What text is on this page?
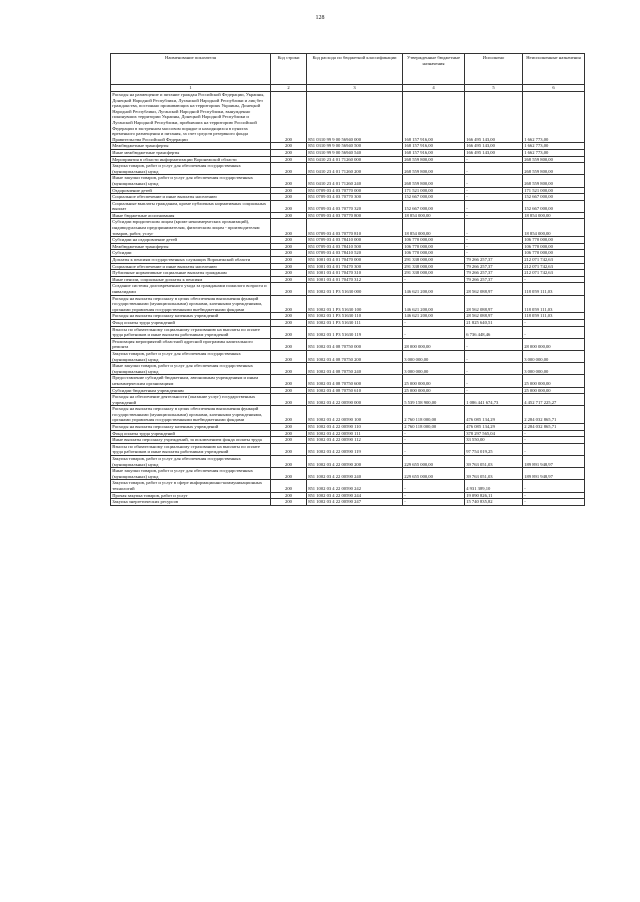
128
Наименование показателя	Код строки	Код расхода по бюджетной классификации	Утвержденные бюджетные назначения	Исполнено	Неисполненные назначения
1	2	3	4	5	6
Расходы на размещение и питание граждан Российской Федерации, Украины, Донецкой Народной Республики, Луганской Народной Республики и лиц без гражданства, постоянно проживающих на территориях Украины, Донецкой Народной Республики, Луганской Народной Республики, вынужденно покинувших территории Украины, Донецкой Народной Республики и Луганской Народной Республики, прибывших на территорию Российской Федерации в экстренном массовом порядке и находящихся в пунктах временного размещения и питания, за счет средств резервного фонда Правительства Российской Федерации	200	851 0310 99 9 00 56940 000	168 157 916,00	166 495 143,00	1 662 773,00
Межбюджетные трансферты	200	851 0310 99 9 00 56940 500	168 157 916,00	166 495 143,00	1 662 773,00
Иные межбюджетные трансферты	200	851 0310 99 9 00 56940 540	168 157 916,00	166 495 143,00	1 662 773,00
Мероприятия в области информатизации Воронежской области	200	851 0410 23 4 01 71260 000	268 559 800,00	-	268 559 800,00
Закупка товаров, работ и услуг для обеспечения государственных (муниципальных) нужд	200	851 0410 23 4 01 71260 200	268 559 800,00	-	268 559 800,00
Иные закупки товаров, работ и услуг для обеспечения государственных (муниципальных) нужд	200	851 0410 23 4 01 71260 240	268 559 800,00	-	268 559 800,00
Оздоровление детей	200	851 0709 03 4 03 70770 000	171 521 000,00	-	171 521 000,00
Социальное обеспечение и иные выплаты населению	200	851 0709 03 4 03 70770 300	152 667 000,00	-	152 667 000,00
Социальные выплаты гражданам, кроме публичных нормативных социальных выплат	200	851 0709 03 4 03 70770 320	152 667 000,00	-	152 667 000,00
Иные бюджетные ассигнования	200	851 0709 03 4 03 70770 800	18 854 000,00	-	18 854 000,00
Субсидии юридическим лицам (кроме некоммерческих организаций), индивидуальным предпринимателям, физическим лицам - производителям товаров, работ, услуг	200	851 0709 03 4 03 70770 810	18 854 000,00	-	18 854 000,00
Субсидии на оздоровление детей	200	851 0709 03 4 03 78410 000	106 770 000,00	-	106 770 000,00
Межбюджетные трансферты	200	851 0709 03 4 03 78410 500	106 770 000,00	-	106 770 000,00
Субсидии	200	851 0709 03 4 03 78410 520	106 770 000,00	-	106 770 000,00
Доплаты к пенсиям государственных служащих Воронежской области	200	851 1001 03 4 01 70470 000	291 338 000,00	79 266 257,37	212 071 742,63
Социальное обеспечение и иные выплаты населению	200	851 1001 03 4 01 70470 300	291 338 000,00	79 266 257,37	212 071 742,63
Публичные нормативные социальные выплаты гражданам	200	851 1001 03 4 01 70470 310	291 338 000,00	79 266 257,37	212 071 742,63
Иные пенсии, социальные доплаты к пенсиям	200	851 1001 03 4 01 70470 312	-	79 266 257,37	-
Создание системы долговременного ухода за гражданами пожилого возраста и инвалидами	200	851 1002 03 1 P3 51630 000	146 621 200,00	28 562 088,97	118 059 111,03
Расходы на выплаты персоналу в целях обеспечения выполнения функций государственными (муниципальными) органами, казенными учреждениями, органами управления государственными внебюджетными фондами	200	851 1002 03 1 P3 51630 100	146 621 200,00	28 562 088,97	118 059 111,03
Расходы на выплаты персоналу казенных учреждений	200	851 1002 03 1 P3 51630 110	146 621 200,00	28 562 088,97	118 059 111,03
Фонд оплаты труда учреждений	200	851 1002 03 1 P3 51630 111	-	21 825 640,51	-
Взносы по обязательному социальному страхованию на выплаты по оплате труда работников и иные выплаты работникам учреждений	200	851 1002 03 1 P3 51630 119	-	6 736 448,46	-
Реализация мероприятий областной адресной программы капитального ремонта	200	851 1002 03 4 08 70750 000	28 000 000,00	-	28 000 000,00
Закупка товаров, работ и услуг для обеспечения государственных (муниципальных) нужд	200	851 1002 03 4 08 70750 200	3 000 000,00	-	3 000 000,00
Иные закупки товаров, работ и услуг для обеспечения государственных (муниципальных) нужд	200	851 1002 03 4 08 70750 240	3 000 000,00	-	3 000 000,00
Предоставление субсидий бюджетным, автономным учреждениям и иным некоммерческим организациям	200	851 1002 03 4 08 70750 600	25 000 000,00	-	25 000 000,00
Субсидии бюджетным учреждениям	200	851 1002 03 4 08 70750 610	25 000 000,00	-	25 000 000,00
Расходы на обеспечение деятельности (оказание услуг) государственных учреждений	200	851 1002 03 4 22 00590 000	5 539 158 900,00	1 086 441 674,73	4 452 717 225,27
Расходы на выплаты персоналу в целях обеспечения выполнения функций государственными (муниципальными) органами, казенными учреждениями, органами управления государственными внебюджетными фондами	200	851 1002 03 4 22 00590 100	2 760 118 000,00	476 085 134,29	2 284 032 865,71
Расходы на выплаты персоналу казенных учреждений	200	851 1002 03 4 22 00590 110	2 760 118 000,00	476 085 134,29	2 284 032 865,71
Фонд оплаты труда учреждений	200	851 1002 03 4 22 00590 111	-	378 297 565,04	-
Иные выплаты персоналу учреждений, за исключением фонда оплаты труда	200	851 1002 03 4 22 00590 112	-	33 550,00	-
Взносы по обязательному социальному страхованию на выплаты по оплате труда работников и иные выплаты работникам учреждений	200	851 1002 03 4 22 00590 119	-	97 754 019,25	-
Закупка товаров, работ и услуг для обеспечения государственных (муниципальных) нужд	200	851 1002 03 4 22 00590 200	229 655 000,00	39 763 051,03	189 891 948,97
Иные закупки товаров, работ и услуг для обеспечения государственных (муниципальных) нужд	200	851 1002 03 4 22 00590 240	229 655 000,00	39 763 051,03	189 891 948,97
Закупка товаров, работ и услуг в сфере информационно-коммуникационных технологий	200	851 1002 03 4 22 00590 242	-	4 931 389,10	-
Прочая закупка товаров, работ и услуг	200	851 1002 03 4 22 00590 244	-	19 090 826,11	-
Закупка энергетических ресурсов	200	851 1002 03 4 22 00590 247	-	15 740 835,82	-
